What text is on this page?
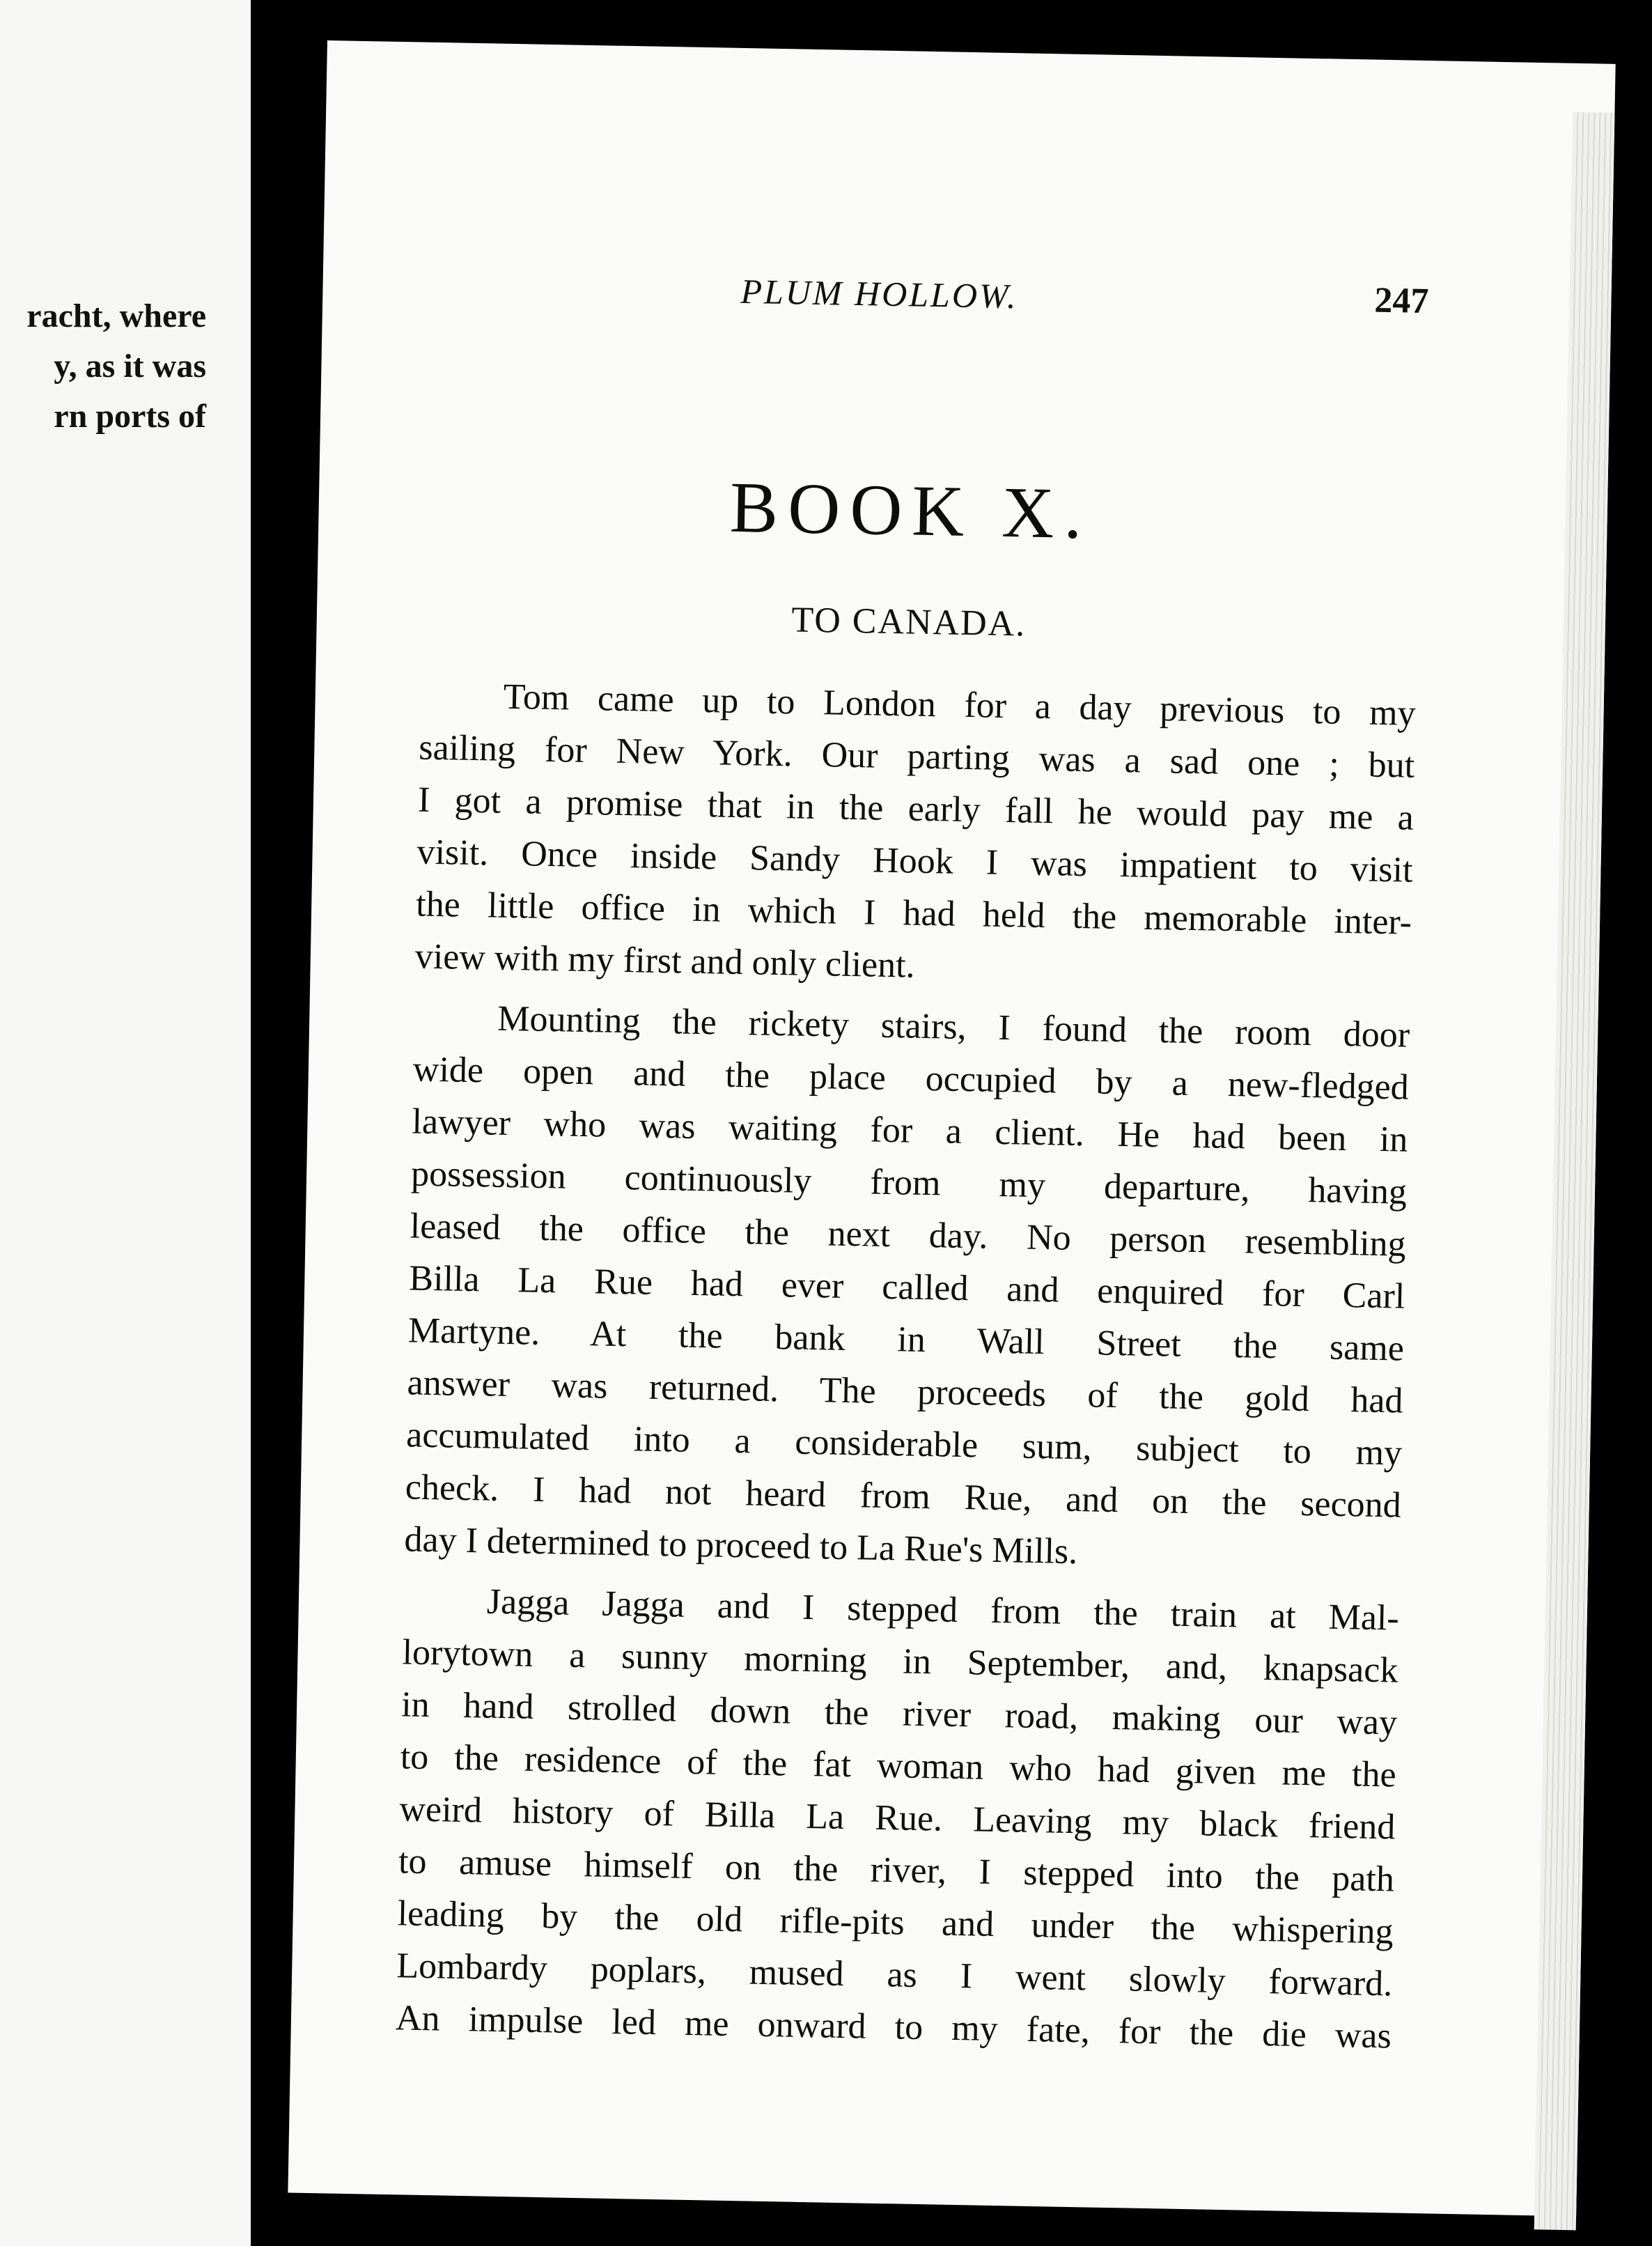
racht, where
y, as it was
rn ports of
PLUM HOLLOW.	247
BOOK X.
TO CANADA.

Tom came up to London for a day previous to my
sailing for New York. Our parting was a sad one ; but
I got a promise that in the early fall he would pay me a
visit. Once inside Sandy Hook I was impatient to visit
the little office in which I had held the memorable inter-
view with my first and only client.

Mounting the rickety stairs, I found the room door
wide open and the place occupied by a new-fledged
lawyer who was waiting for a client. He had been in
possession continuously from my departure, having
leased the office the next day. No person resembling
Billa La Rue had ever called and enquired for Carl
Martyne. At the bank in Wall Street the same
answer was returned. The proceeds of the gold had
accumulated into a considerable sum, subject to my
check. I had not heard from Rue, and on the second
day I determined to proceed to La Rue's Mills.

Jagga Jagga and I stepped from the train at Mal-
lorytown a sunny morning in September, and, knapsack
in hand strolled down the river road, making our way
to the residence of the fat woman who had given me the
weird history of Billa La Rue. Leaving my black friend
to amuse himself on the river, I stepped into the path
leading by the old rifle-pits and under the whispering
Lombardy poplars, mused as I went slowly forward.
An impulse led me onward to my fate, for the die was
